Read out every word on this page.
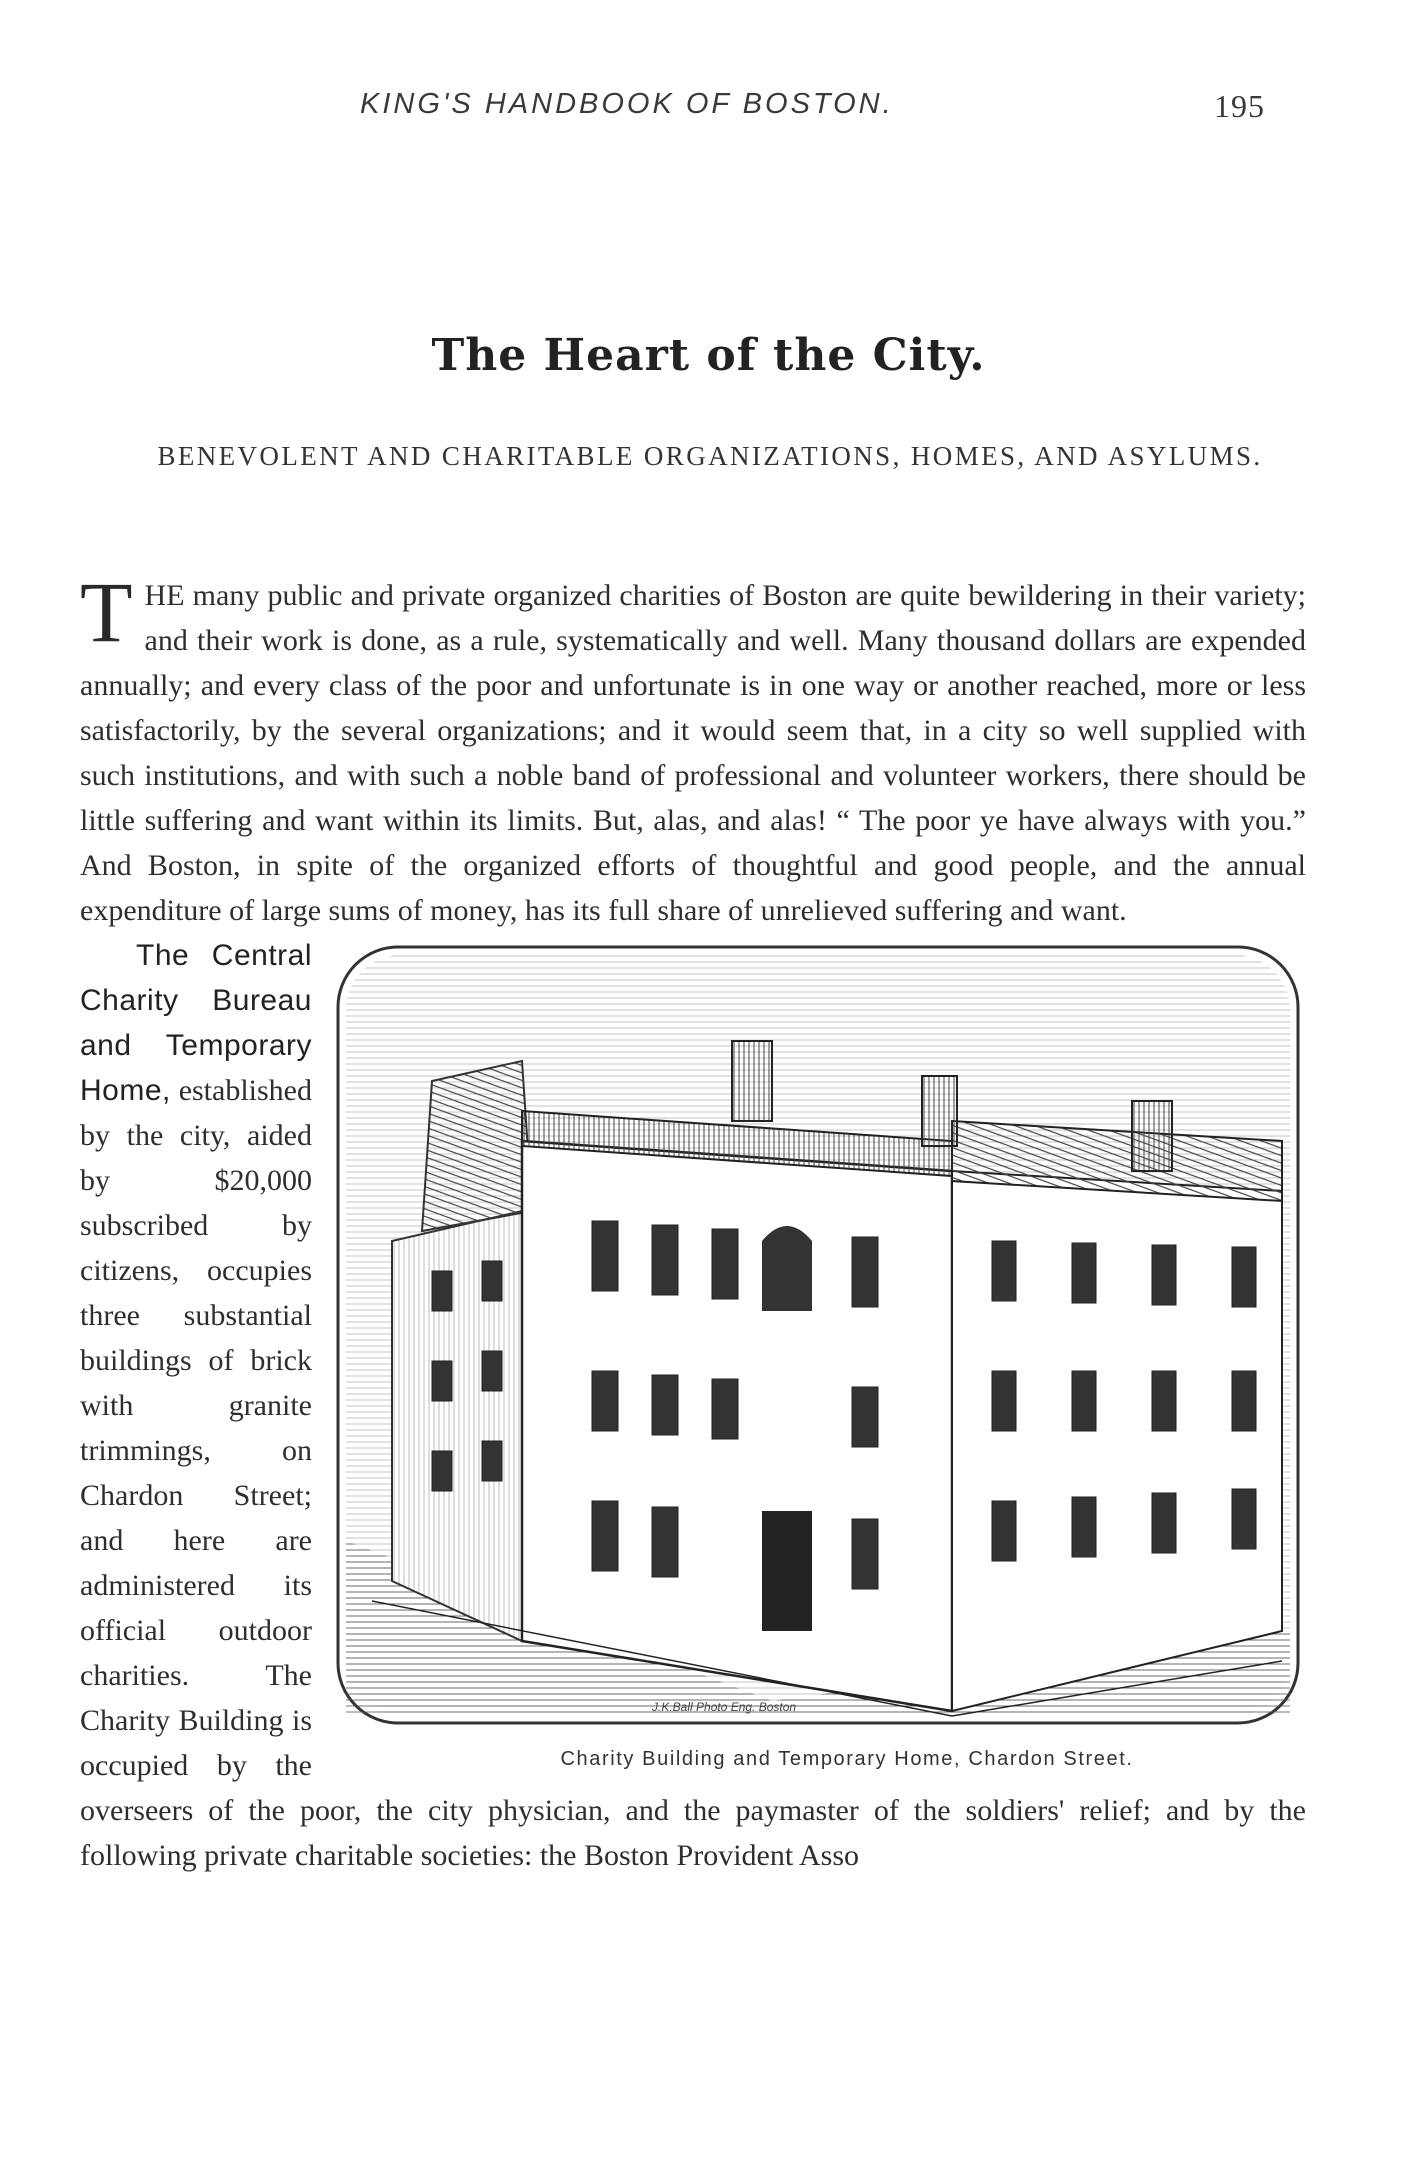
KING'S HANDBOOK OF BOSTON.	195
The Heart of the City.
BENEVOLENT AND CHARITABLE ORGANIZATIONS, HOMES, AND ASYLUMS.

THE many public and private organized charities of Boston are quite bewildering in their variety; and their work is done, as a rule, systematically and well. Many thousand dollars are expended annually; and every class of the poor and unfortunate is in one way or another reached, more or less satisfactorily, by the several organizations; and it would seem that, in a city so well supplied with such institutions, and with such a noble band of professional and volunteer workers, there should be little suffering and want within its limits. But, alas, and alas! “ The poor ye have always with you.” And Boston, in spite of the organized efforts of thoughtful and good people, and the annual expenditure of large sums of money, has its full share of unrelieved suffering and want.

J.K.Ball Photo Eng. Boston
Charity Building and Temporary Home, Chardon Street.
The Central Charity Bureau and Temporary Home, established by the city, aided by $20,000 subscribed by citizens, occupies three substantial buildings of brick with granite trimmings, on Chardon Street; and here are administered its official outdoor charities. The Charity Building is occupied by the overseers of the poor, the city physician, and the paymaster of the soldiers' relief; and by the following private charitable societies: the Boston Provident Asso
